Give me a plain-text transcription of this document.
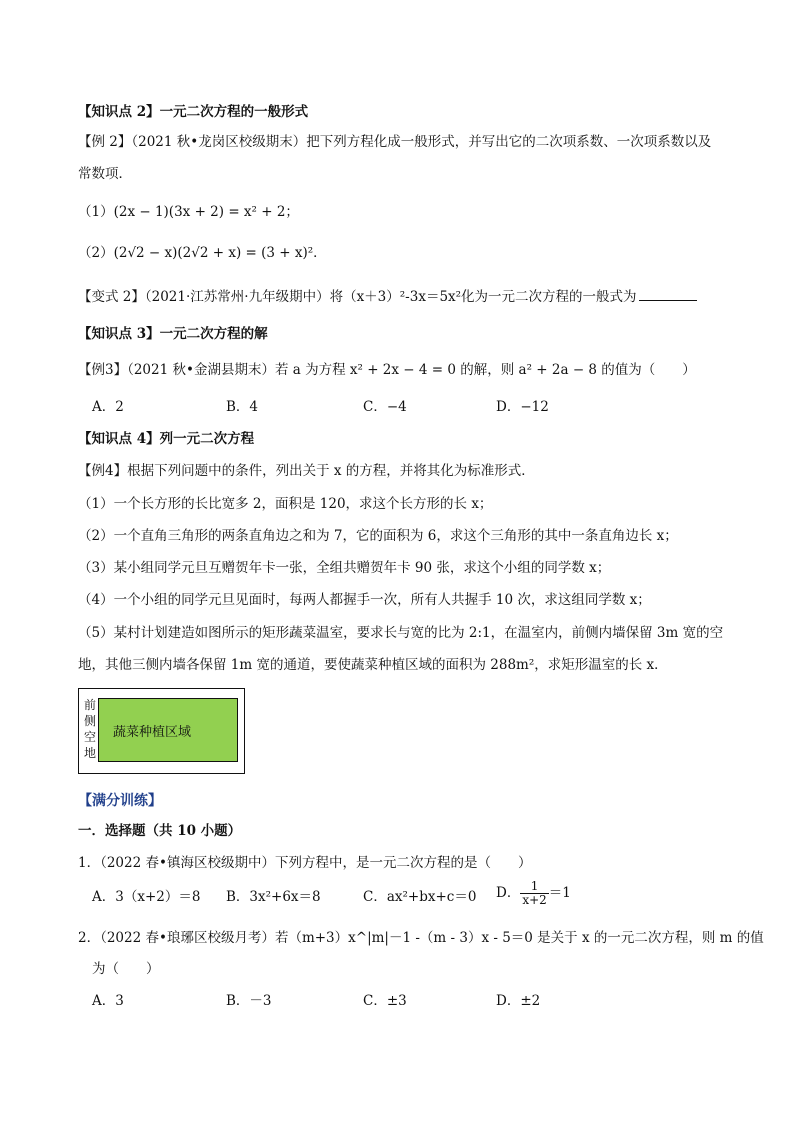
【知识点 2】一元二次方程的一般形式
【例 2】（2021 秋•龙岗区校级期末）把下列方程化成一般形式，并写出它的二次项系数、一次项系数以及
常数项．
（1）(2x − 1)(3x + 2) = x² + 2；
（2）(2√2 − x)(2√2 + x) = (3 + x)²．
【变式 2】（2021·江苏常州·九年级期中）将（x＋3）²-3x＝5x²化为一元二次方程的一般式为
【知识点 3】一元二次方程的解
【例3】（2021 秋•金湖县期末）若 a 为方程 x² + 2x − 4 = 0 的解，则 a² + 2a − 8 的值为（　　）
A．2	B．4	C．−4	D．−12
【知识点 4】列一元二次方程
【例4】根据下列问题中的条件，列出关于 x 的方程，并将其化为标准形式．
（1）一个长方形的长比宽多 2，面积是 120，求这个长方形的长 x；
（2）一个直角三角形的两条直角边之和为 7，它的面积为 6，求这个三角形的其中一条直角边长 x；
（3）某小组同学元旦互赠贺年卡一张，全组共赠贺年卡 90 张，求这个小组的同学数 x；
（4）一个小组的同学元旦见面时，每两人都握手一次，所有人共握手 10 次，求这组同学数 x；
（5）某村计划建造如图所示的矩形蔬菜温室，要求长与宽的比为 2:1，在温室内，前侧内墙保留 3m 宽的空
地，其他三侧内墙各保留 1m 宽的通道，要使蔬菜种植区域的面积为 288m²，求矩形温室的长 x．
前
侧
空
地
蔬菜种植区域
【满分训练】
一．选择题（共 10 小题）
1．（2022 春•镇海区校级期中）下列方程中，是一元二次方程的是（　　）
A．3（x+2）＝8 B．3x²+6x＝8	C．ax²+bx+c＝0 D． $\frac{1}{x+2} =1$
2．（2022 春•琅琊区校级月考）若（m+3）x^|m|－1 -（m - 3）x - 5＝0 是关于 x 的一元二次方程，则 m 的值
为（　　）
A．3	B．－3	C．±3	D．±2
